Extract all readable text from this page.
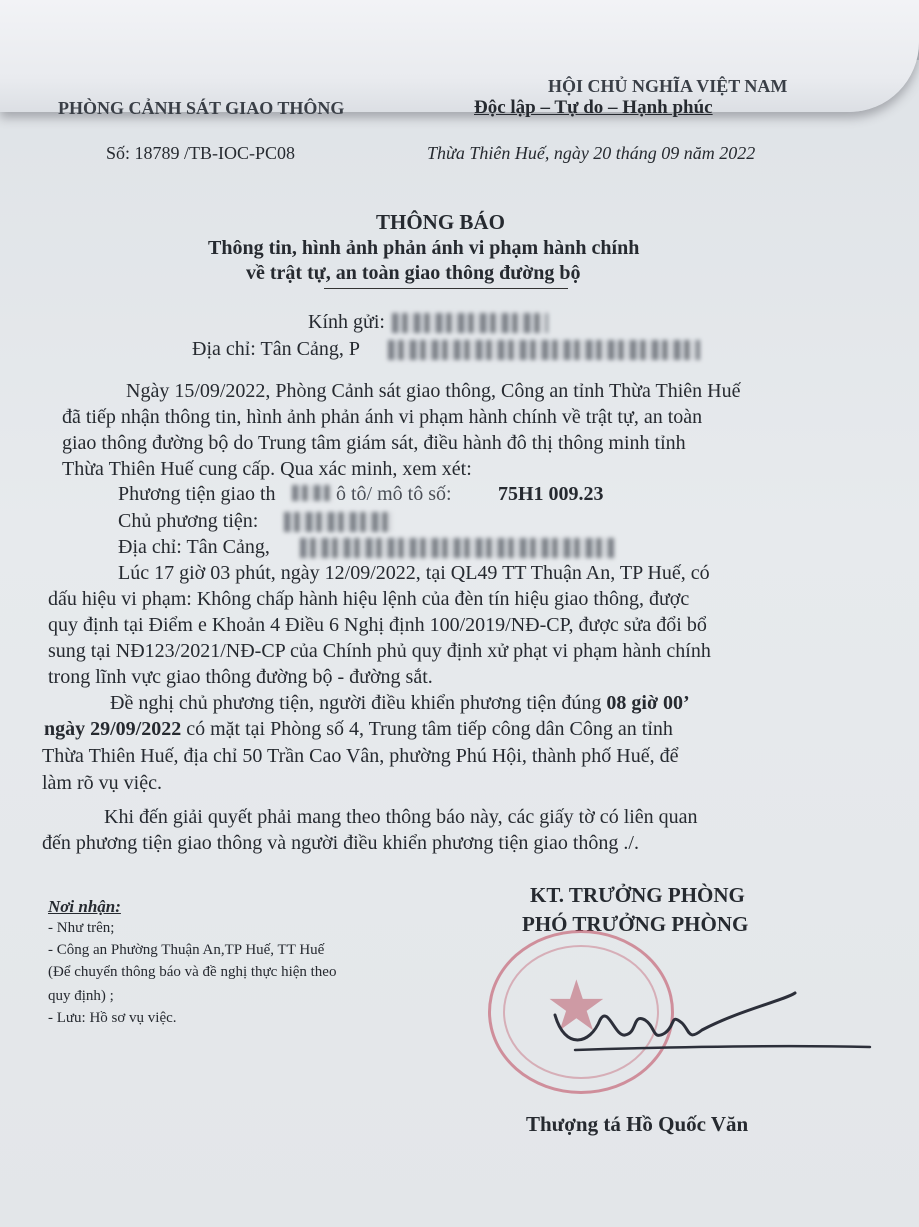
HỘI CHỦ NGHĨA VIỆT NAM
PHÒNG CẢNH SÁT GIAO THÔNG	Độc lập – Tự do – Hạnh phúc
Số: 18789 /TB-IOC-PC08	Thừa Thiên Huế, ngày 20 tháng 09 năm 2022
THÔNG BÁO
Thông tin, hình ảnh phản ánh vi phạm hành chính
về trật tự, an toàn giao thông đường bộ
Kính gửi:
Địa chỉ: Tân Cảng, P
Ngày 15/09/2022, Phòng Cảnh sát giao thông, Công an tỉnh Thừa Thiên Huế
đã tiếp nhận thông tin, hình ảnh phản ánh vi phạm hành chính về trật tự, an toàn
giao thông đường bộ do Trung tâm giám sát, điều hành đô thị thông minh tỉnh
Thừa Thiên Huế cung cấp. Qua xác minh, xem xét:
Phương tiện giao th	ô tô/ mô tô số: 75H1 009.23
Chủ phương tiện:
Địa chỉ: Tân Cảng,
Lúc 17 giờ 03 phút, ngày 12/09/2022, tại QL49 TT Thuận An, TP Huế, có
dấu hiệu vi phạm: Không chấp hành hiệu lệnh của đèn tín hiệu giao thông, được
quy định tại Điểm e Khoản 4 Điều 6 Nghị định 100/2019/NĐ-CP, được sửa đổi bổ
sung tại NĐ123/2021/NĐ-CP của Chính phủ quy định xử phạt vi phạm hành chính
trong lĩnh vực giao thông đường bộ - đường sắt.
Đề nghị chủ phương tiện, người điều khiển phương tiện đúng 08 giờ 00’
ngày 29/09/2022 có mặt tại Phòng số 4, Trung tâm tiếp công dân Công an tỉnh
Thừa Thiên Huế, địa chỉ 50 Trần Cao Vân, phường Phú Hội, thành phố Huế, để
làm rõ vụ việc.
Khi đến giải quyết phải mang theo thông báo này, các giấy tờ có liên quan
đến phương tiện giao thông và người điều khiển phương tiện giao thông ./.
Nơi nhận:
- Như trên;
- Công an Phường Thuận An,TP Huế, TT Huế
(Để chuyển thông báo và đề nghị thực hiện theo
quy định) ;
- Lưu: Hồ sơ vụ việc.
KT. TRƯỞNG PHÒNG
PHÓ TRƯỞNG PHÒNG
★
Thượng tá Hồ Quốc Văn
